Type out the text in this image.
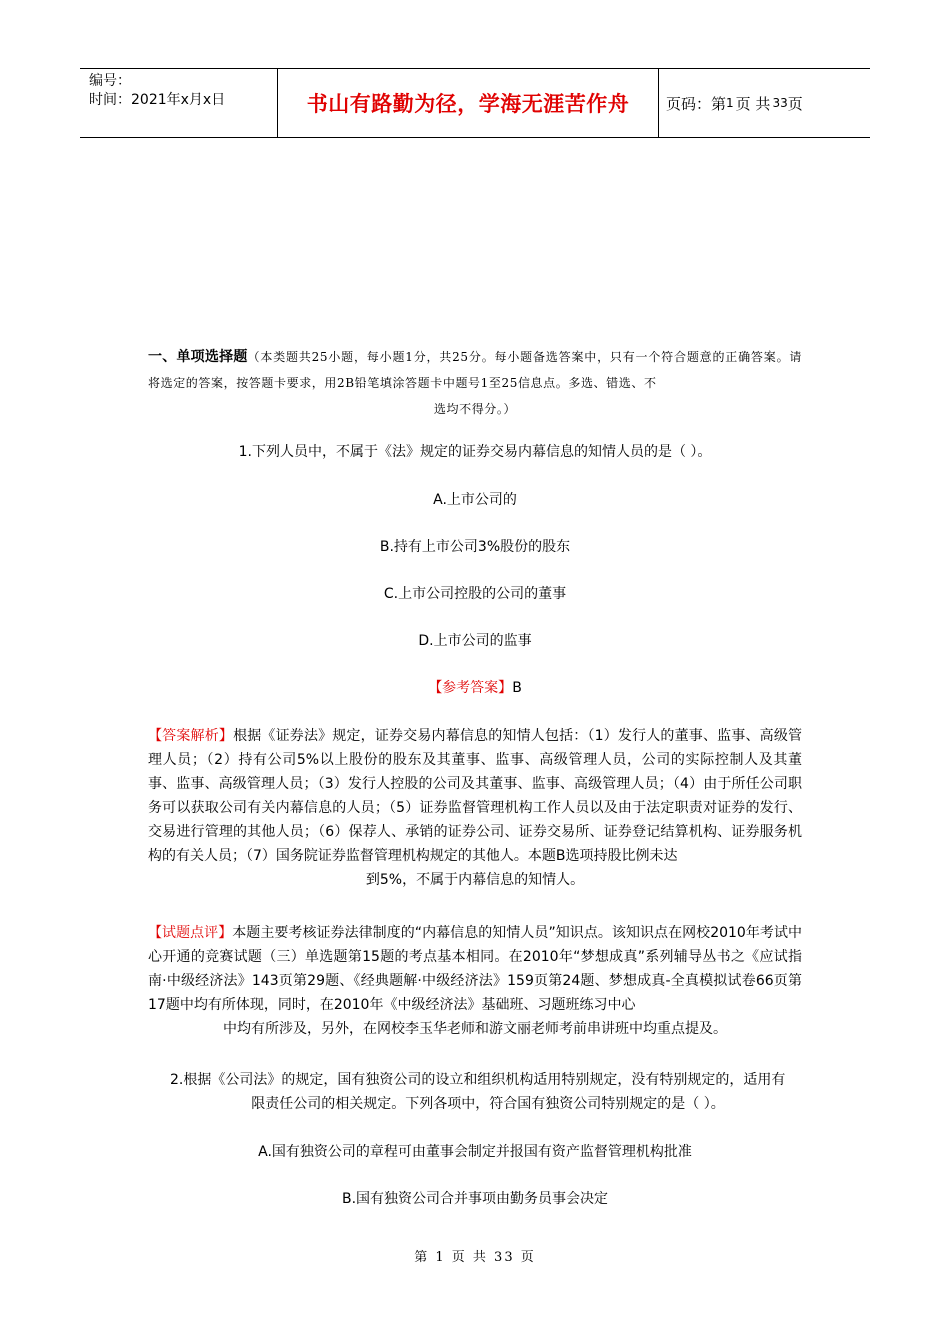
编号：
时间：2021年x月x日	书山有路勤为径，学海无涯苦作舟	页码：第 1 页 共 33 页
一、单项选择题（本类题共25小题，每小题1分，共25分。每小题备选答案中，只有一个符合题意的正确答案。请将选定的答案，按答题卡要求，用2B铅笔填涂答题卡中题号1至25信息点。多选、错选、不
选均不得分。）
1.下列人员中，不属于《法》规定的证券交易内幕信息的知情人员的是（ ）。
A.上市公司的
B.持有上市公司3%股份的股东
C.上市公司控股的公司的董事
D.上市公司的监事
【参考答案】B
【答案解析】根据《证券法》规定，证券交易内幕信息的知情人包括：（1）发行人的董事、监事、高级管理人员；（2）持有公司5%以上股份的股东及其董事、监事、高级管理人员，公司的实际控制人及其董事、监事、高级管理人员；（3）发行人控股的公司及其董事、监事、高级管理人员；（4）由于所任公司职务可以获取公司有关内幕信息的人员；（5）证券监督管理机构工作人员以及由于法定职责对证券的发行、交易进行管理的其他人员；（6）保荐人、承销的证券公司、证券交易所、证券登记结算机构、证券服务机构的有关人员；（7）国务院证券监督管理机构规定的其他人。本题B选项持股比例未达
到5%，不属于内幕信息的知情人。
【试题点评】本题主要考核证券法律制度的“内幕信息的知情人员”知识点。该知识点在网校2010年考试中心开通的竞赛试题（三）单选题第15题的考点基本相同。在2010年“梦想成真”系列辅导丛书之《应试指南·中级经济法》143页第29题、《经典题解·中级经济法》159页第24题、梦想成真-全真模拟试卷66页第17题中均有所体现，同时，在2010年《中级经济法》基础班、习题班练习中心
中均有所涉及，另外，在网校李玉华老师和游文丽老师考前串讲班中均重点提及。
2.根据《公司法》的规定，国有独资公司的设立和组织机构适用特别规定，没有特别规定的，适用有
限责任公司的相关规定。下列各项中，符合国有独资公司特别规定的是（ ）。
A.国有独资公司的章程可由董事会制定并报国有资产监督管理机构批准
B.国有独资公司合并事项由勤务员事会决定
第 1 页 共 33 页
